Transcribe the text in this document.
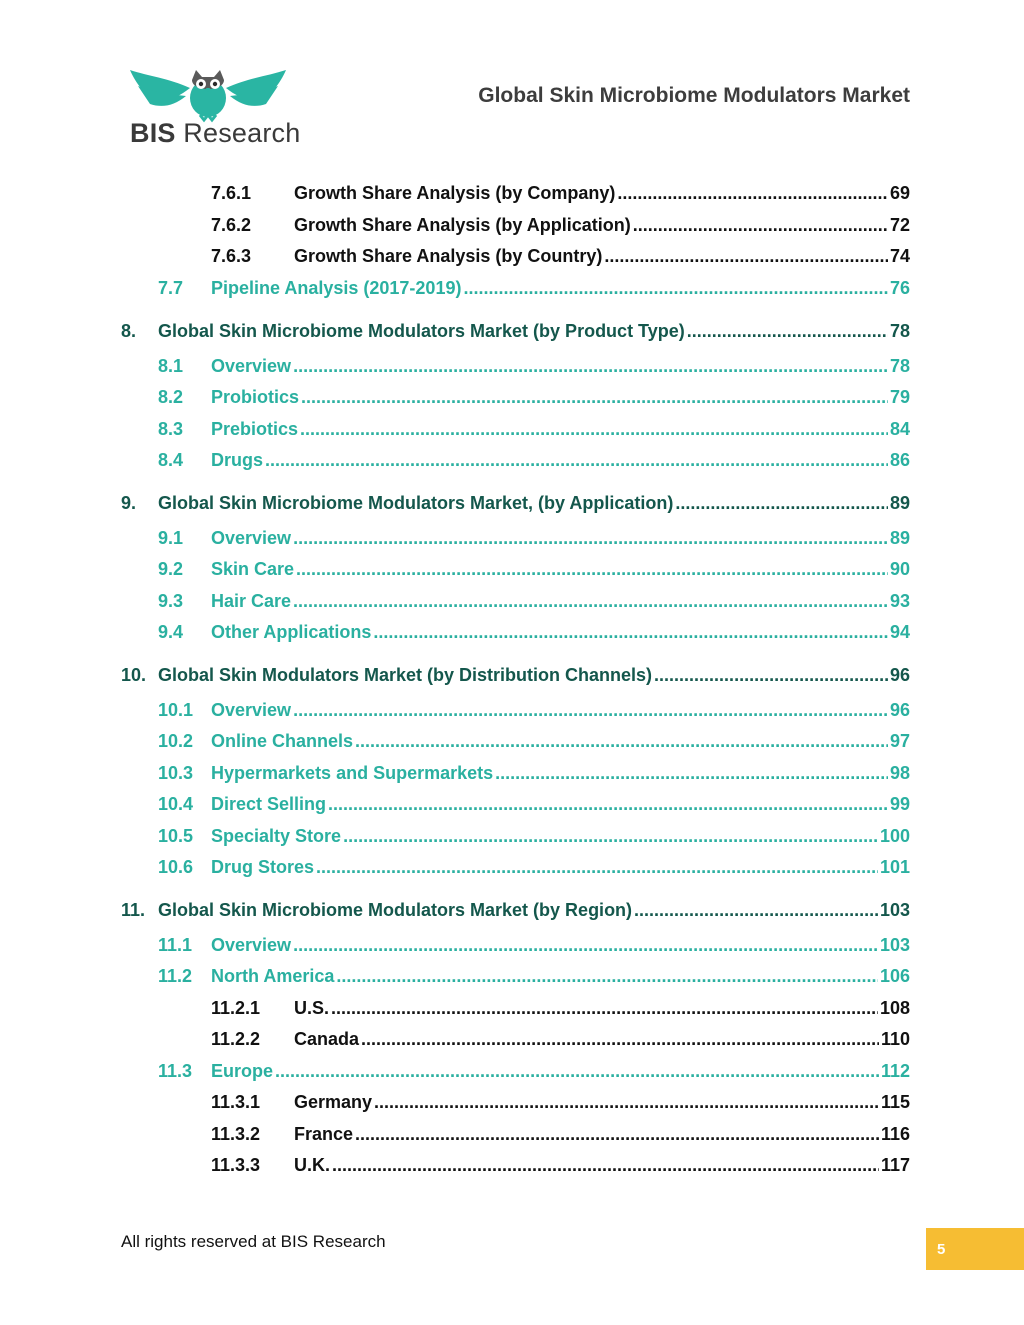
BIS Research
Global Skin Microbiome Modulators Market
7.6.1 Growth Share Analysis (by Company) .....	69
7.6.2 Growth Share Analysis (by Application) .....	72
7.6.3 Growth Share Analysis (by Country) .....	74
7.7 Pipeline Analysis (2017-2019) .....	76
8. Global Skin Microbiome Modulators Market (by Product Type) .....	78
8.1 Overview .....	78
8.2 Probiotics .....	79
8.3 Prebiotics .....	84
8.4 Drugs .....	86
9. Global Skin Microbiome Modulators Market, (by Application) .....	89
9.1 Overview .....	89
9.2 Skin Care .....	90
9.3 Hair Care .....	93
9.4 Other Applications .....	94
10. Global Skin Modulators Market (by Distribution Channels) .....	96
10.1 Overview .....	96
10.2 Online Channels .....	97
10.3 Hypermarkets and Supermarkets .....	98
10.4 Direct Selling .....	99
10.5 Specialty Store .....	100
10.6 Drug Stores .....	101
11. Global Skin Microbiome Modulators Market (by Region) .....	103
11.1 Overview .....	103
11.2 North America .....	106
11.2.1 U.S. .....	108
11.2.2 Canada .....	110
11.3 Europe .....	112
11.3.1 Germany .....	115
11.3.2 France .....	116
11.3.3 U.K. .....	117
All rights reserved at BIS Research	5
